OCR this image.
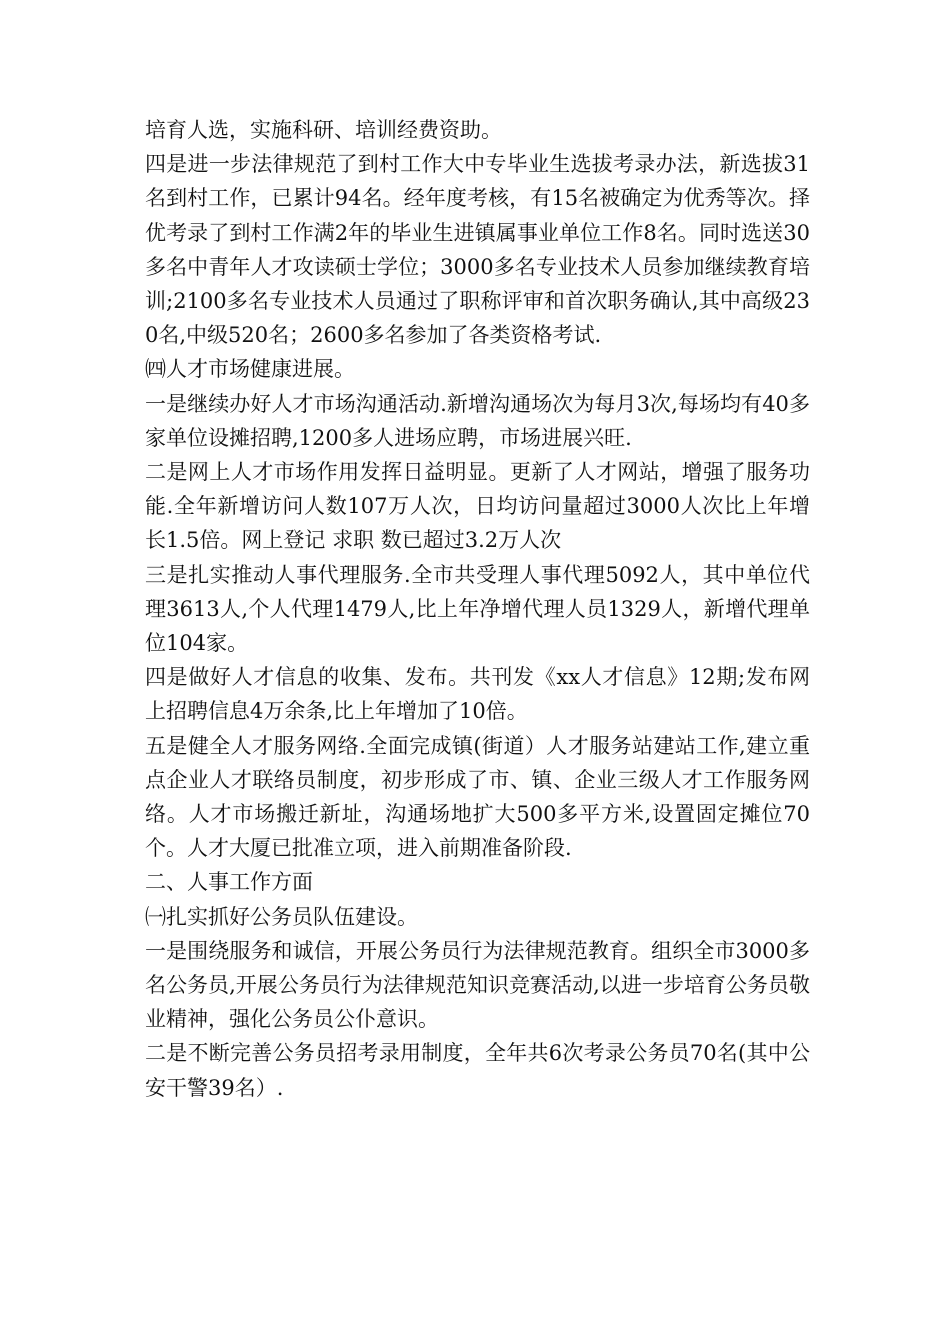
培育人选，实施科研、培训经费资助。

四是进一步法律规范了到村工作大中专毕业生选拔考录办法，新选拔31名到村工作，已累计94名。经年度考核，有15名被确定为优秀等次。择优考录了到村工作满2年的毕业生进镇属事业单位工作8名。同时选送30多名中青年人才攻读硕士学位；3000多名专业技术人员参加继续教育培训;2100多名专业技术人员通过了职称评审和首次职务确认,其中高级230名,中级520名；2600多名参加了各类资格考试.

㈣人才市场健康进展。

一是继续办好人才市场沟通活动.新增沟通场次为每月3次,每场均有40多家单位设摊招聘,1200多人进场应聘，市场进展兴旺.

二是网上人才市场作用发挥日益明显。更新了人才网站，增强了服务功能.全年新增访问人数107万人次，日均访问量超过3000人次比上年增长1.5倍。网上登记 求职 数已超过3.2万人次

三是扎实推动人事代理服务.全市共受理人事代理5092人，其中单位代理3613人,个人代理1479人,比上年净增代理人员1329人，新增代理单位104家。

四是做好人才信息的收集、发布。共刊发《xx人才信息》12期;发布网上招聘信息4万余条,比上年增加了10倍。

五是健全人才服务网络.全面完成镇(街道）人才服务站建站工作,建立重点企业人才联络员制度，初步形成了市、镇、企业三级人才工作服务网络。人才市场搬迁新址，沟通场地扩大500多平方米,设置固定摊位70个。人才大厦已批准立项，进入前期准备阶段.

二、人事工作方面

㈠扎实抓好公务员队伍建设。

一是围绕服务和诚信，开展公务员行为法律规范教育。组织全市3000多名公务员,开展公务员行为法律规范知识竞赛活动,以进一步培育公务员敬业精神，强化公务员公仆意识。

二是不断完善公务员招考录用制度，全年共6次考录公务员70名(其中公安干警39名）.
